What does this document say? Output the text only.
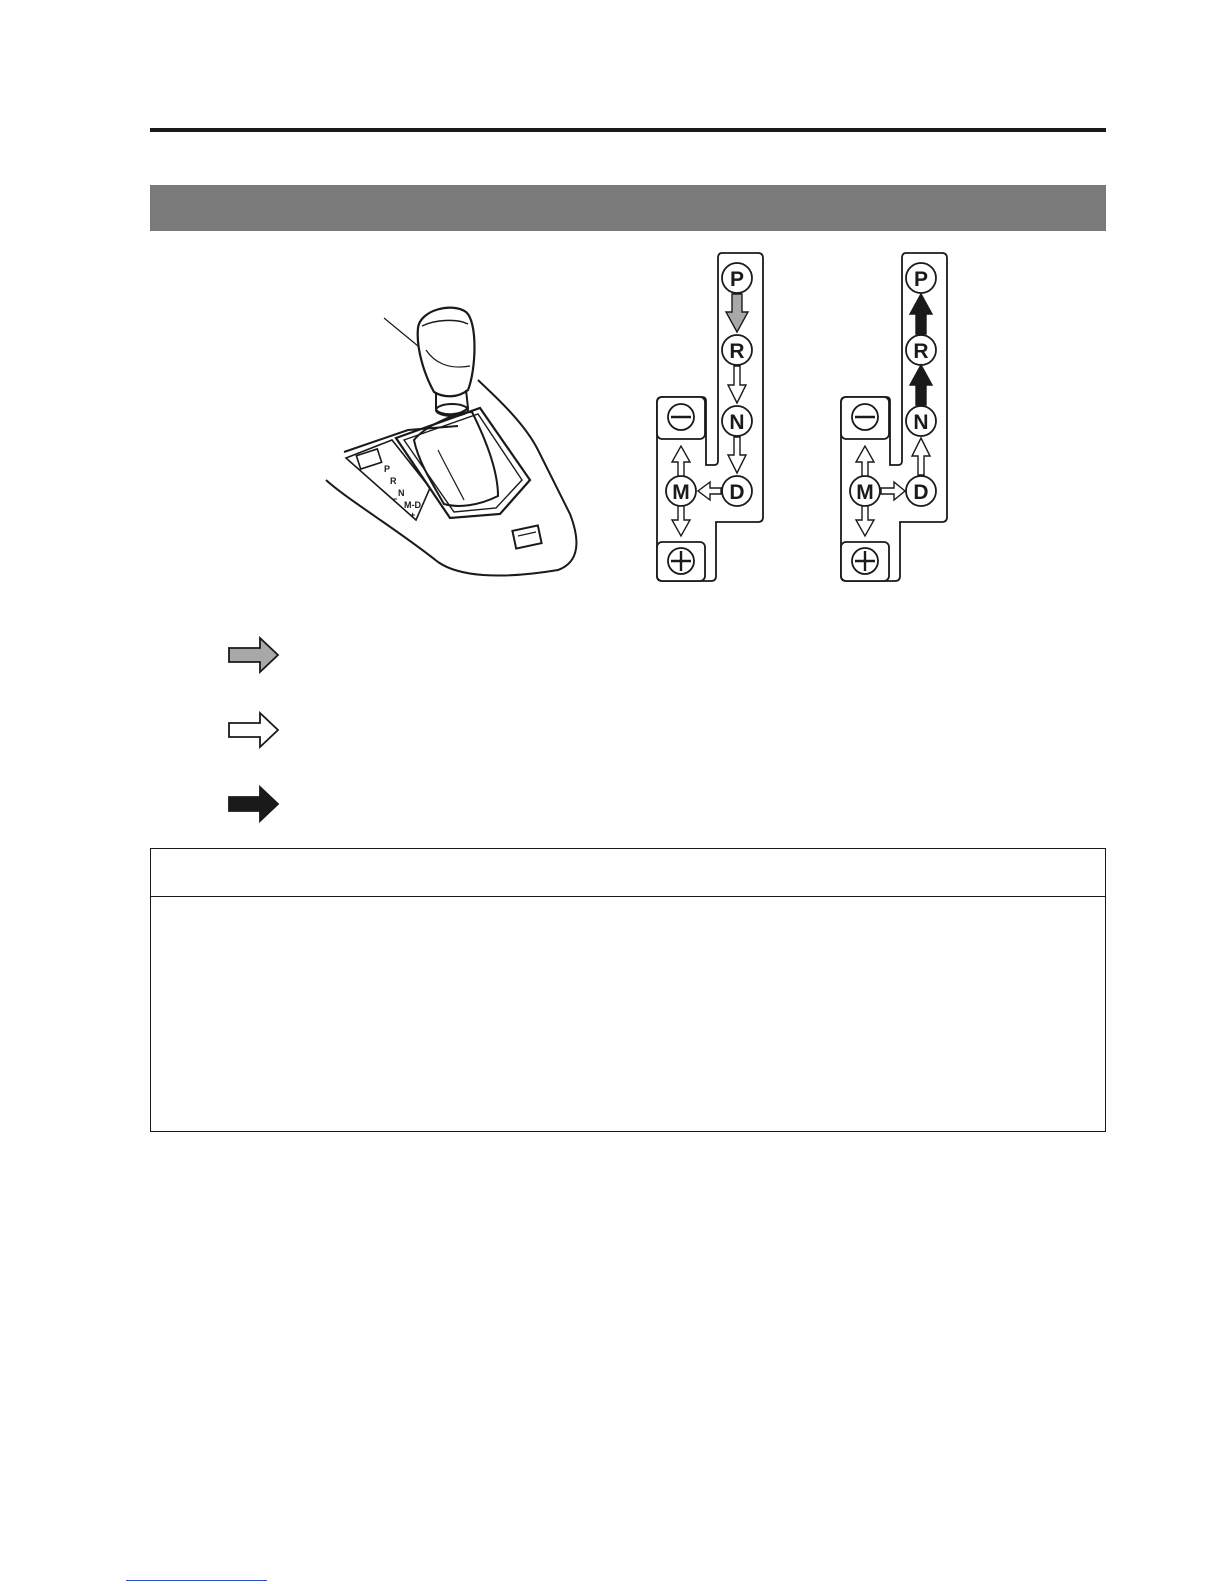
P
R
N
M-D
−
+
P
R
N
D
M
P
R
N
D
M
